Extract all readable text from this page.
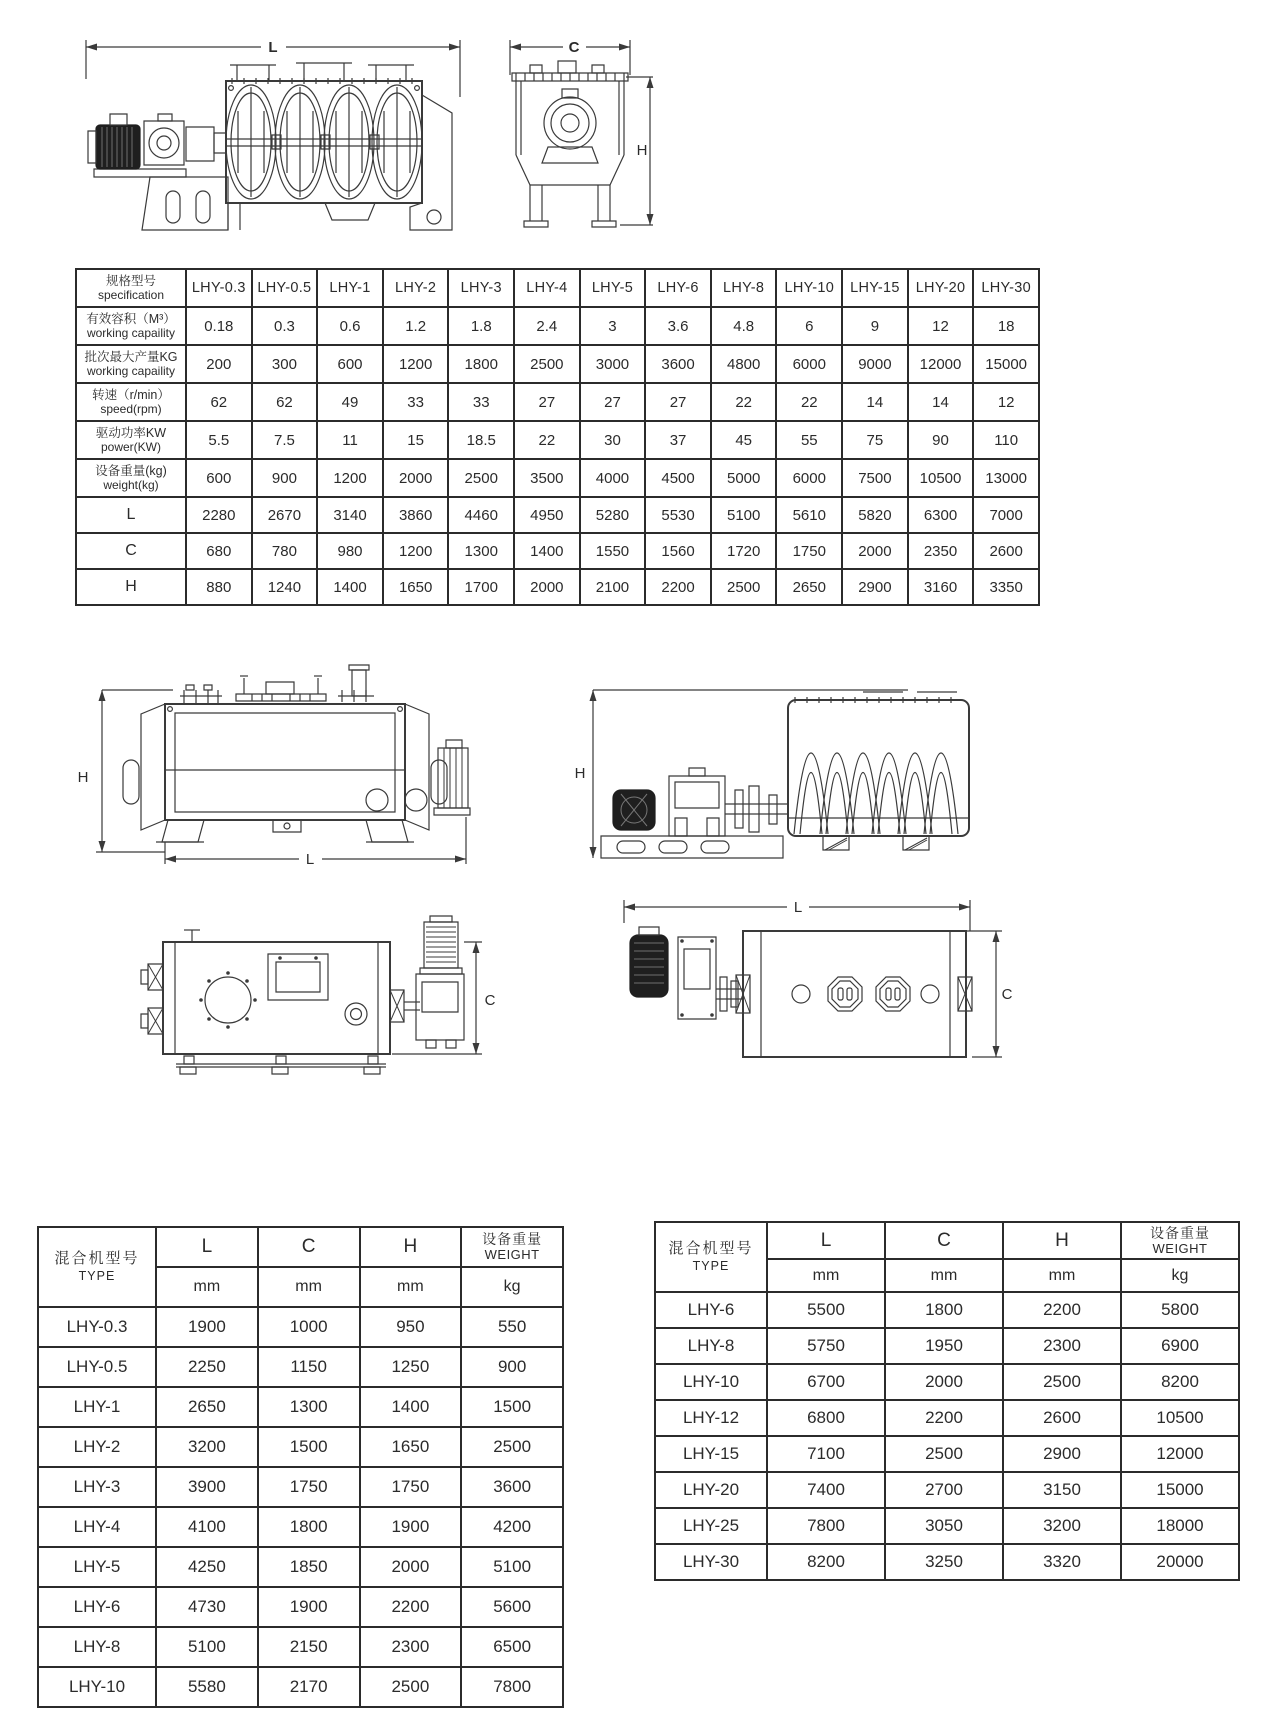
L	C
H
规格型号
specification	LHY-0.3	LHY-0.5	LHY-1	LHY-2	LHY-3	LHY-4	LHY-5	LHY-6	LHY-8	LHY-10	LHY-15	LHY-20	LHY-30

有效容积（M³）
working capaility	0.18	0.3	0.6	1.2	1.8	2.4	3	3.6	4.8	6	9	12	18

批次最大产量KG
working capaility	200	300	600	1200	1800	2500	3000	3600	4800	6000	9000	12000	15000

转速（r/min）
speed(rpm)	62	62	49	33	33	27	27	27	22	22	14	14	12

驱动功率KW
power(KW)	5.5	7.5	11	15	18.5	22	30	37	45	55	75	90	110

设备重量(kg)
weight(kg)	600	900	1200	2000	2500	3500	4000	4500	5000	6000	7500	10500	13000
L	2280	2670	3140	3860	4460	4950	5280	5530	5100	5610	5820	6300	7000
C	680	780	980	1200	1300	1400	1550	1560	1720	1750	2000	2350	2600
H	880	1240	1400	1650	1700	2000	2100	2200	2500	2650	2900	3160	3350
H
L
H
C
L
C
混合机型号
TYPE	L	C	H	设备重量
WEIGHT

	mm	mm	mm	kg
LHY-0.3	1900	1000	950	550
LHY-0.5	2250	1150	1250	900
LHY-1	2650	1300	1400	1500
LHY-2	3200	1500	1650	2500
LHY-3	3900	1750	1750	3600
LHY-4	4100	1800	1900	4200
LHY-5	4250	1850	2000	5100
LHY-6	4730	1900	2200	5600
LHY-8	5100	2150	2300	6500
LHY-10	5580	2170	2500	7800
混合机型号
TYPE	L	C	H	设备重量
WEIGHT

	mm	mm	mm	kg
LHY-6	5500	1800	2200	5800
LHY-8	5750	1950	2300	6900
LHY-10	6700	2000	2500	8200
LHY-12	6800	2200	2600	10500
LHY-15	7100	2500	2900	12000
LHY-20	7400	2700	3150	15000
LHY-25	7800	3050	3200	18000
LHY-30	8200	3250	3320	20000
